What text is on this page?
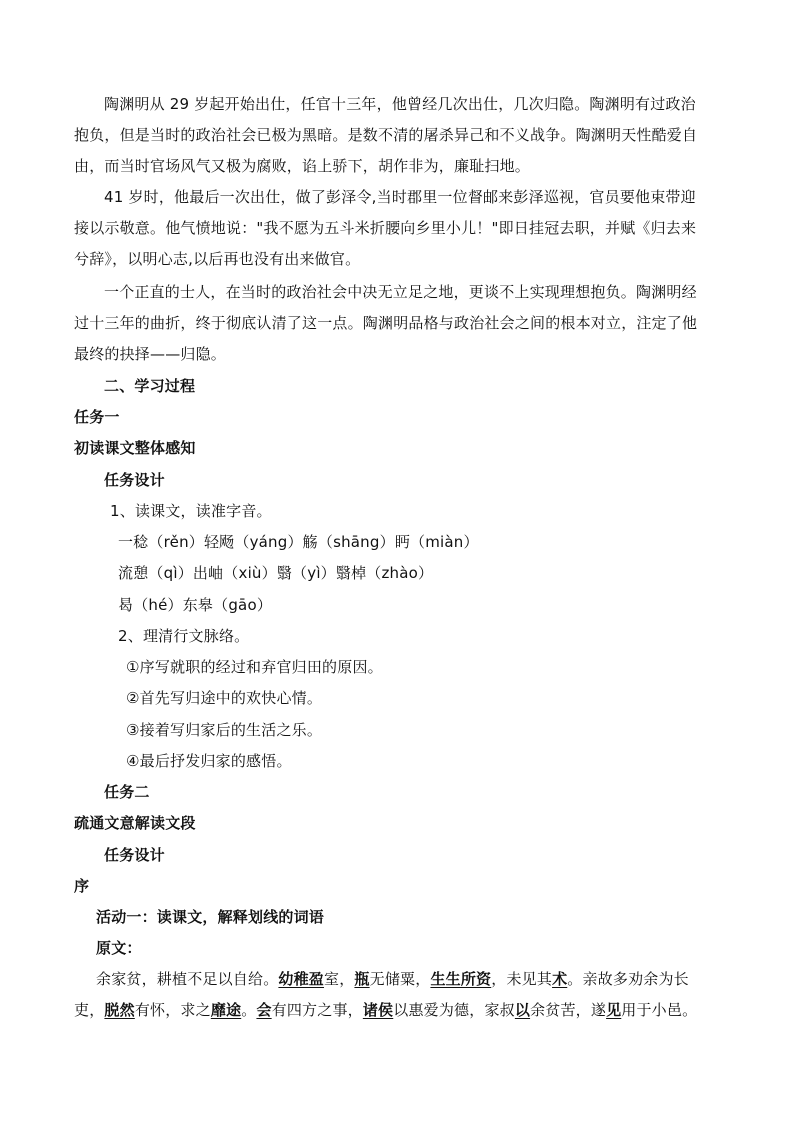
陶渊明从 29 岁起开始出仕，任官十三年，他曾经几次出仕，几次归隐。陶渊明有过政治
抱负，但是当时的政治社会已极为黑暗。是数不清的屠杀异己和不义战争。陶渊明天性酷爱自
由，而当时官场风气又极为腐败，谄上骄下，胡作非为，廉耻扫地。
41 岁时，他最后一次出仕，做了彭泽令,当时郡里一位督邮来彭泽巡视，官员要他束带迎
接以示敬意。他气愤地说："我不愿为五斗米折腰向乡里小儿！"即日挂冠去职，并赋《归去来
兮辞》，以明心志,以后再也没有出来做官。
一个正直的士人，在当时的政治社会中决无立足之地，更谈不上实现理想抱负。陶渊明经
过十三年的曲折，终于彻底认清了这一点。陶渊明品格与政治社会之间的根本对立，注定了他
最终的抉择——归隐。
二、学习过程
任务一
初读课文整体感知
任务设计
1、读课文，读准字音。
一稔（rěn）轻飏（yáng）觞（shāng）眄（miàn）
流憩（qì）出岫（xiù）翳（yì）翳棹（zhào）
曷（hé）东皋（gāo）
2、理清行文脉络。
①序写就职的经过和弃官归田的原因。
②首先写归途中的欢快心情。
③接着写归家后的生活之乐。
④最后抒发归家的感悟。
任务二
疏通文意解读文段
任务设计
序
活动一：读课文，解释划线的词语
原文：
余家贫，耕植不足以自给。幼稚盈室，瓶无储粟，生生所资，未见其术。亲故多劝余为长
吏，脱然有怀，求之靡途。会有四方之事，诸侯以惠爱为德，家叔以余贫苦，遂见用于小邑。
